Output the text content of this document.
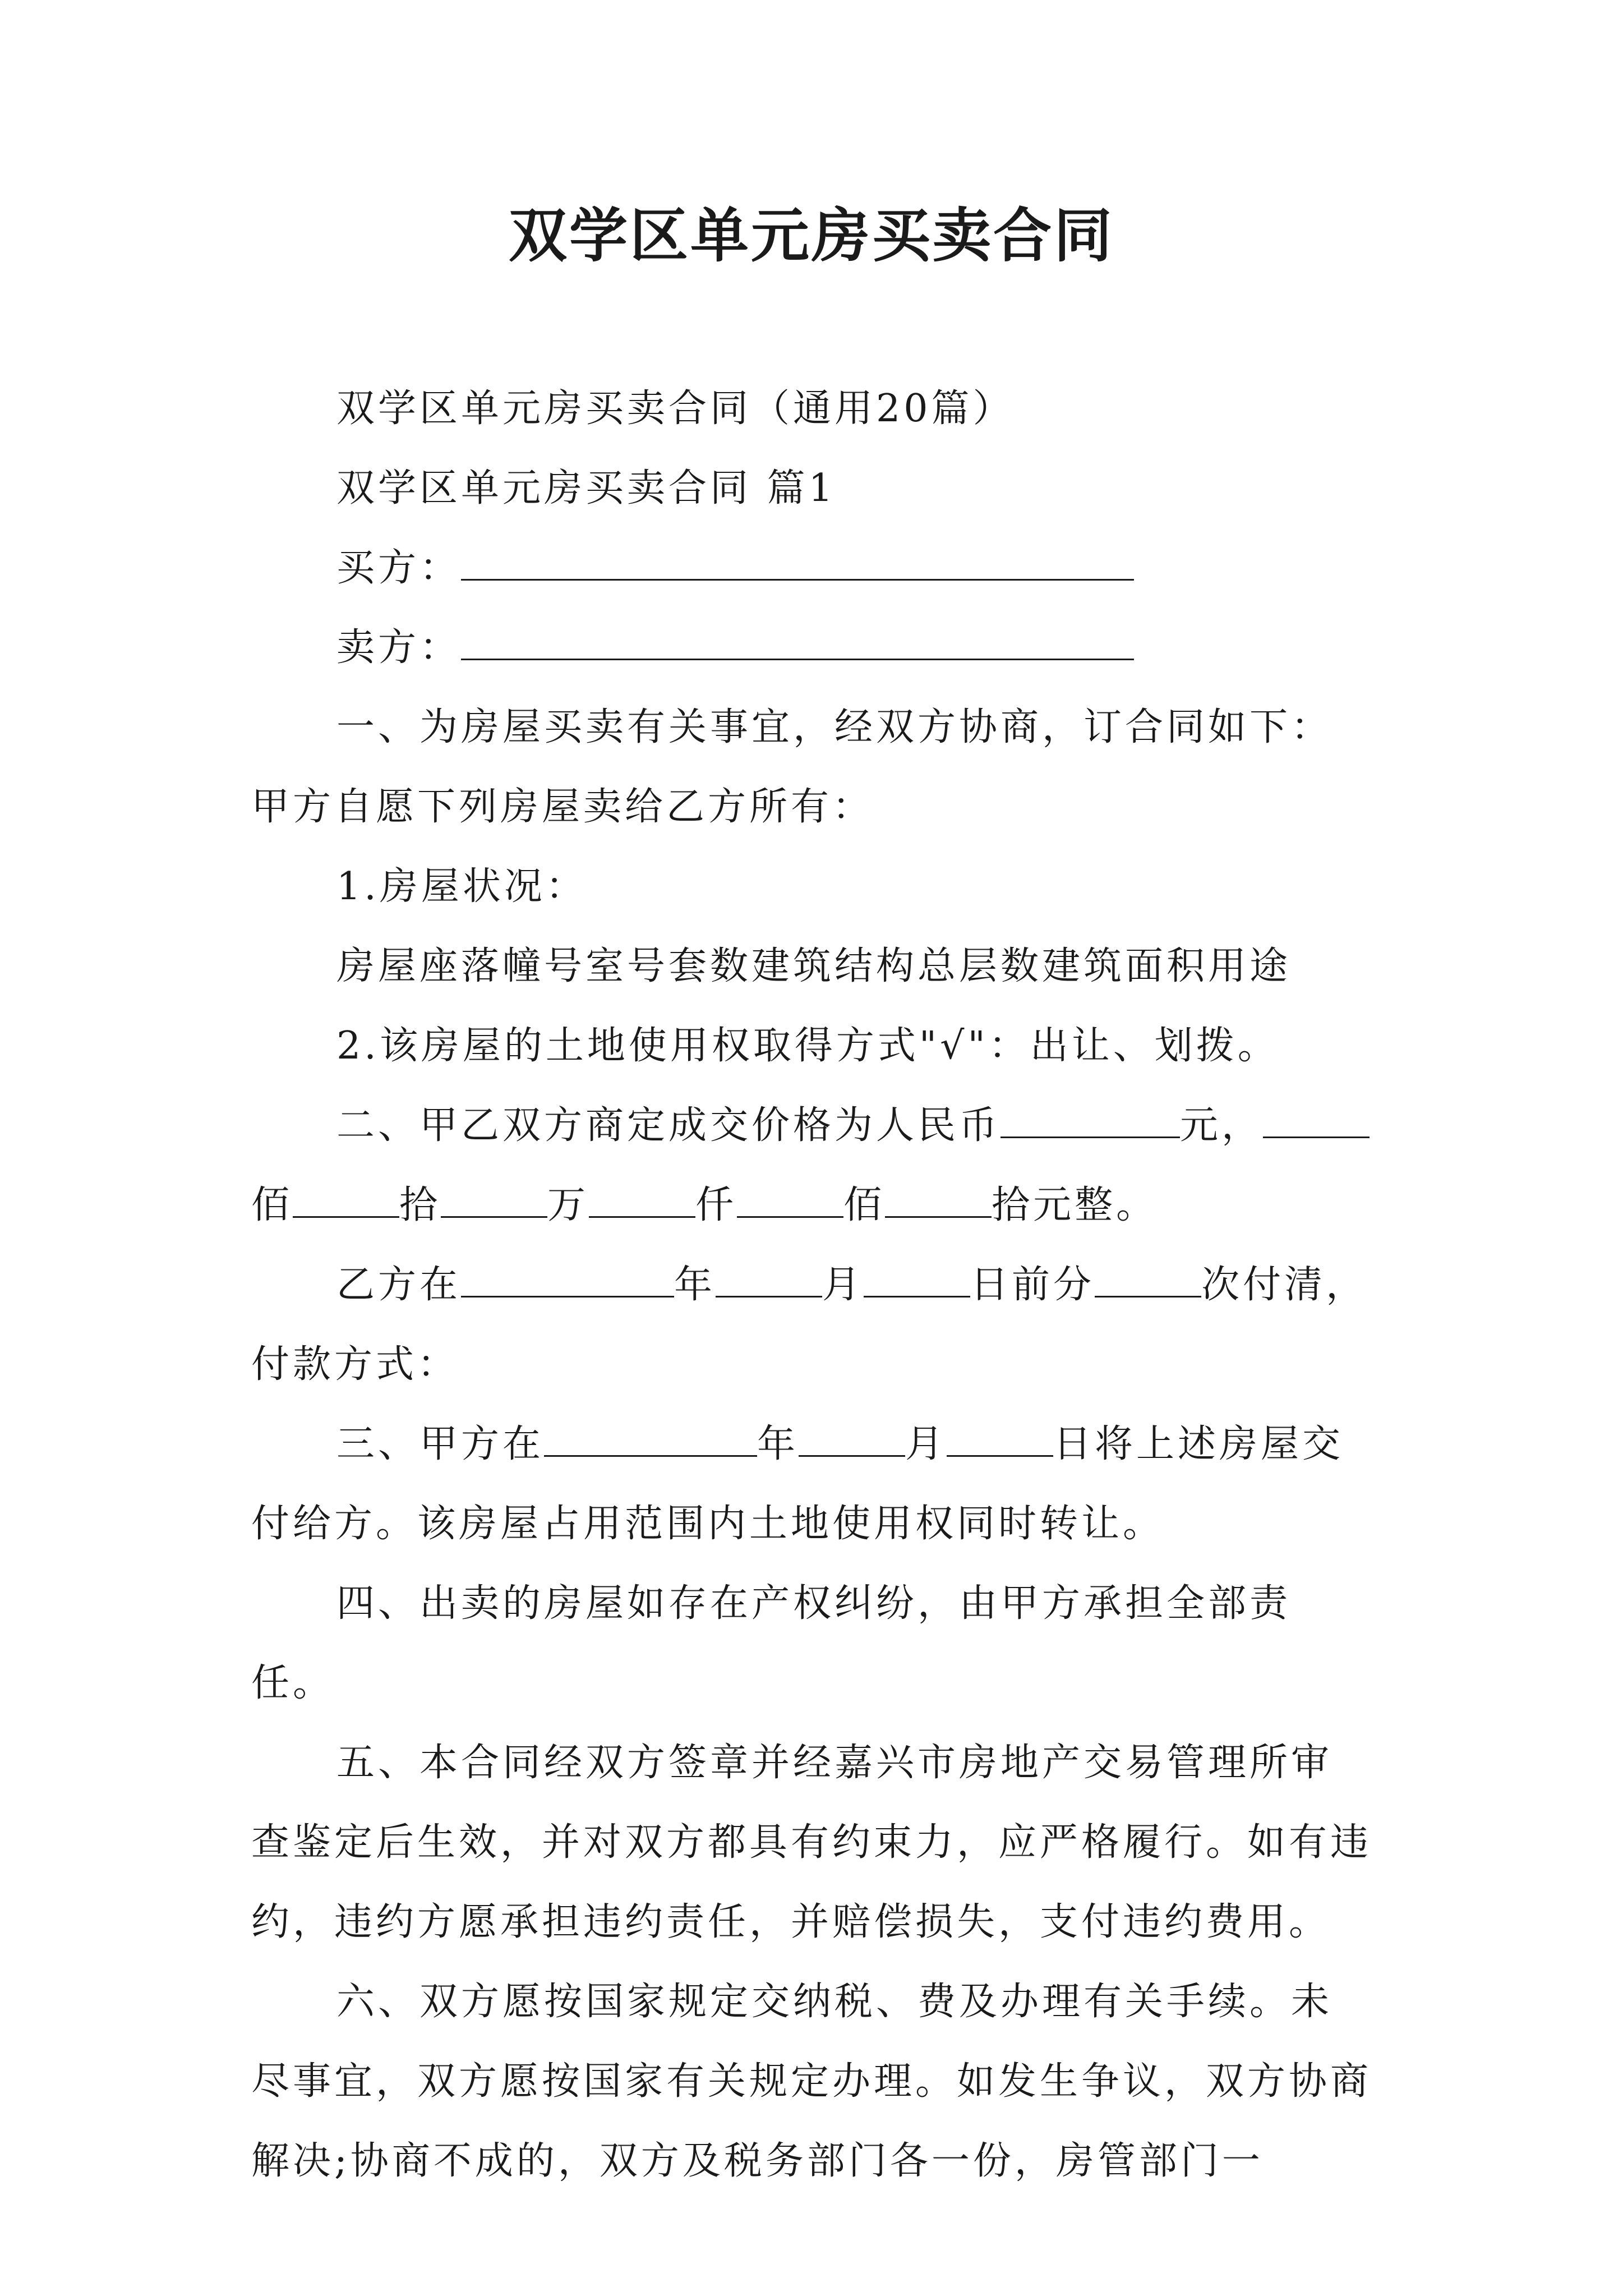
双学区单元房买卖合同

双学区单元房买卖合同（通用20篇）

双学区单元房买卖合同 篇1

买方：

卖方：

一、为房屋买卖有关事宜，经双方协商，订合同如下：甲方自愿下列房屋卖给乙方所有：

1.房屋状况：

房屋座落幢号室号套数建筑结构总层数建筑面积用途

2.该房屋的土地使用权取得方式"√"：出让、划拨。

二、甲乙双方商定成交价格为人民币	元，佰	拾	万	仟	佰	拾元整。

乙方在	年	月	日前分	次付清，付款方式：

三、甲方在	年	月	日将上述房屋交付给方。该房屋占用范围内土地使用权同时转让。

四、出卖的房屋如存在产权纠纷，由甲方承担全部责任。

五、本合同经双方签章并经嘉兴市房地产交易管理所审查鉴定后生效，并对双方都具有约束力，应严格履行。如有违约，违约方愿承担违约责任，并赔偿损失，支付违约费用。

六、双方愿按国家规定交纳税、费及办理有关手续。未尽事宜，双方愿按国家有关规定办理。如发生争议，双方协商解决;协商不成的，双方及税务部门各一份，房管部门一
